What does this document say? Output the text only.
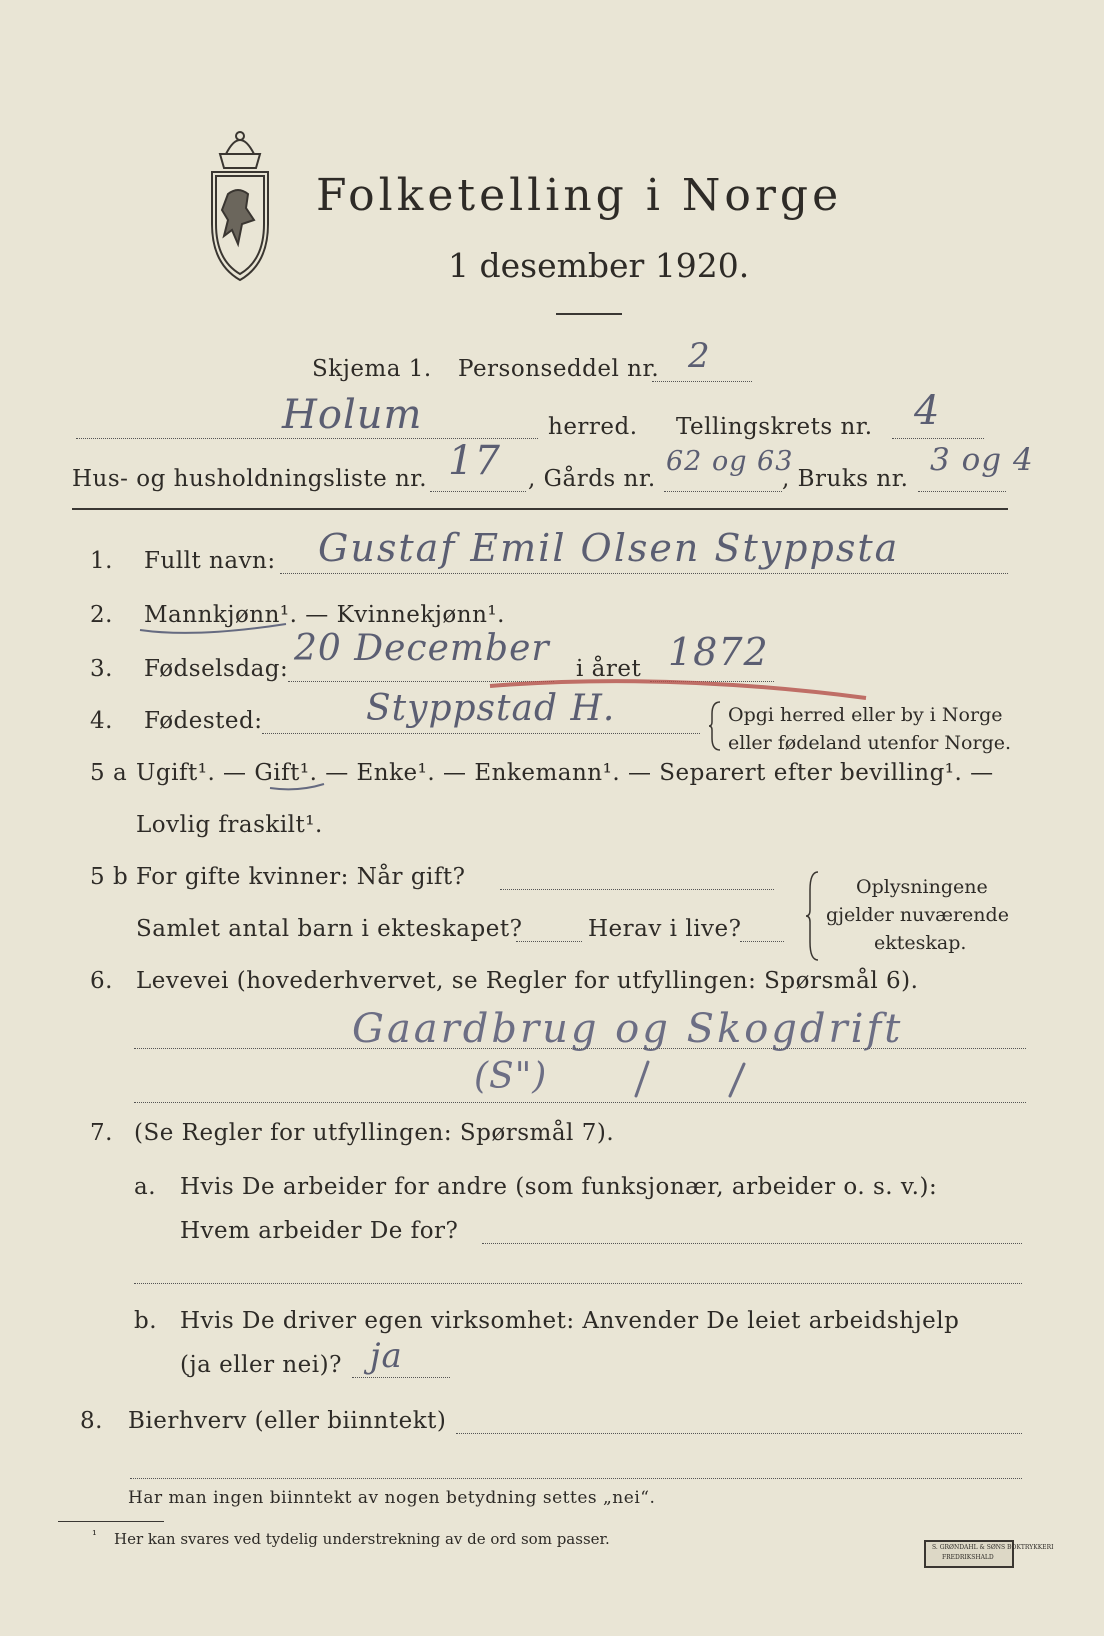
Folketelling i Norge
1 desember 1920.
Skjema 1. Personseddel nr. 2
Holum	herred. Tellingskrets nr. 4
Hus- og husholdningsliste nr. 17 , Gårds nr.
62 og 63
, Bruks nr.
3 og 4
1. Fullt navn: Gustaf Emil Olsen Styppsta
2. Mannkjønn¹. — Kvinnekjønn¹.
3. Fødselsdag: 20 December i året 1872
4. Fødested:	Styppstad H.	Opgi herred eller by i Norge
eller fødeland utenfor Norge.
5 a Ugift¹. — Gift¹. — Enke¹. — Enkemann¹. — Separert efter bevilling¹. —
Lovlig fraskilt¹.
5 b For gifte kvinner: Når gift?
Samlet antal barn i ekteskapet?	Herav i live?
Oplysningene
gjelder nuværende
ekteskap.
6. Levevei (hovederhvervet, se Regler for utfyllingen: Spørsmål 6).
Gaardbrug og Skogdrift
(S")
7. (Se Regler for utfyllingen: Spørsmål 7).
a. Hvis De arbeider for andre (som funksjonær, arbeider o. s. v.):
Hvem arbeider De for?
b. Hvis De driver egen virksomhet: Anvender De leiet arbeidshjelp
(ja eller nei)? ja
8. Bierhverv (eller biinntekt)
Har man ingen biinntekt av nogen betydning settes „nei“.
¹ Her kan svares ved tydelig understrekning av de ord som passer.	S. GRØNDAHL & SØNS BOKTRYKKERI
FREDRIKSHALD
